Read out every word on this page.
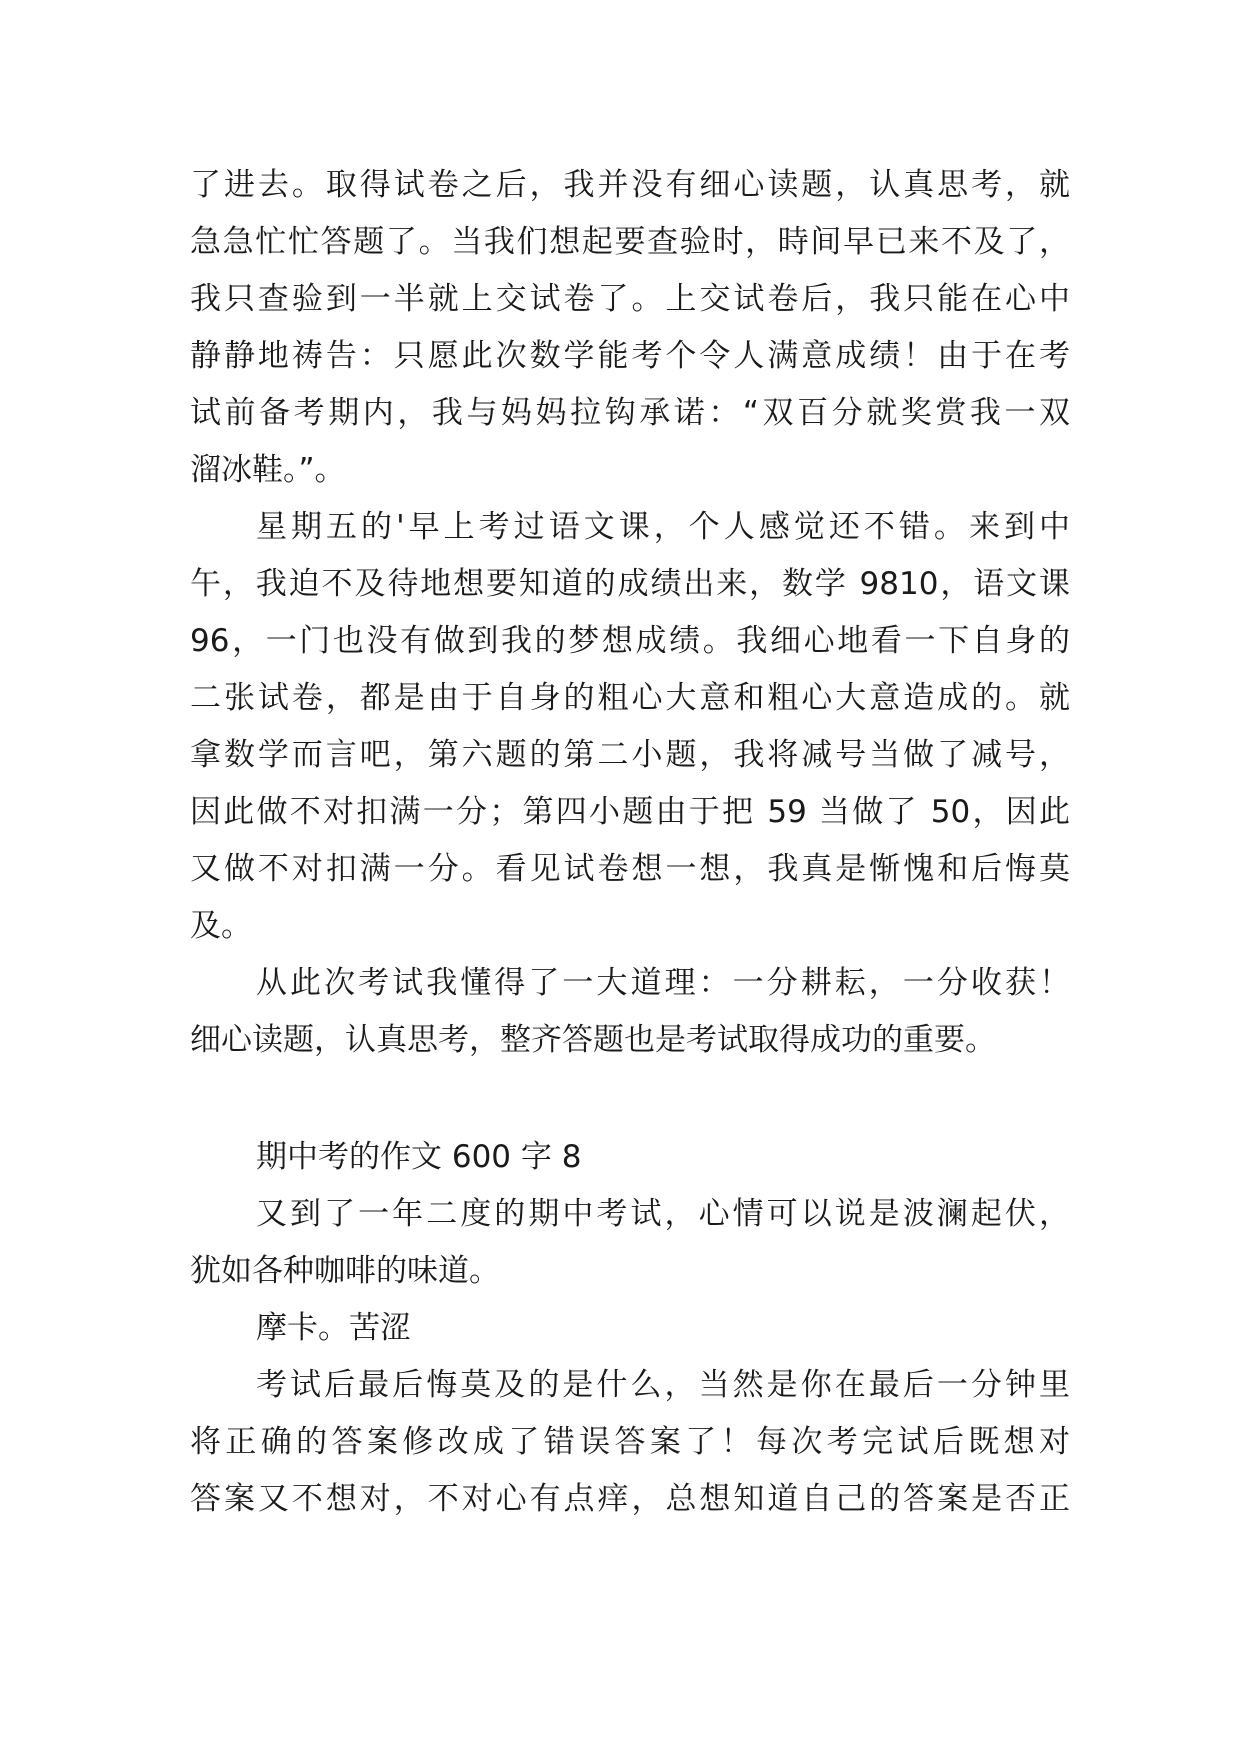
了进去。取得试卷之后，我并没有细心读题，认真思考，就
急急忙忙答题了。当我们想起要查验时，時间早已来不及了，
我只查验到一半就上交试卷了。上交试卷后，我只能在心中
静静地祷告：只愿此次数学能考个令人满意成绩！由于在考
试前备考期内，我与妈妈拉钩承诺：“双百分就奖赏我一双
溜冰鞋。”。
星期五的'早上考过语文课，个人感觉还不错。来到中
午，我迫不及待地想要知道的成绩出来，数学 9810，语文课
96，一门也没有做到我的梦想成绩。我细心地看一下自身的
二张试卷，都是由于自身的粗心大意和粗心大意造成的。就
拿数学而言吧，第六题的第二小题，我将减号当做了减号，
因此做不对扣满一分；第四小题由于把 59 当做了 50，因此
又做不对扣满一分。看见试卷想一想，我真是惭愧和后悔莫
及。
从此次考试我懂得了一大道理：一分耕耘，一分收获！
细心读题，认真思考，整齐答题也是考试取得成功的重要。
期中考的作文 600 字 8
又到了一年二度的期中考试，心情可以说是波澜起伏，
犹如各种咖啡的味道。
摩卡。苦涩
考试后最后悔莫及的是什么，当然是你在最后一分钟里
将正确的答案修改成了错误答案了！每次考完试后既想对
答案又不想对，不对心有点痒，总想知道自己的答案是否正
